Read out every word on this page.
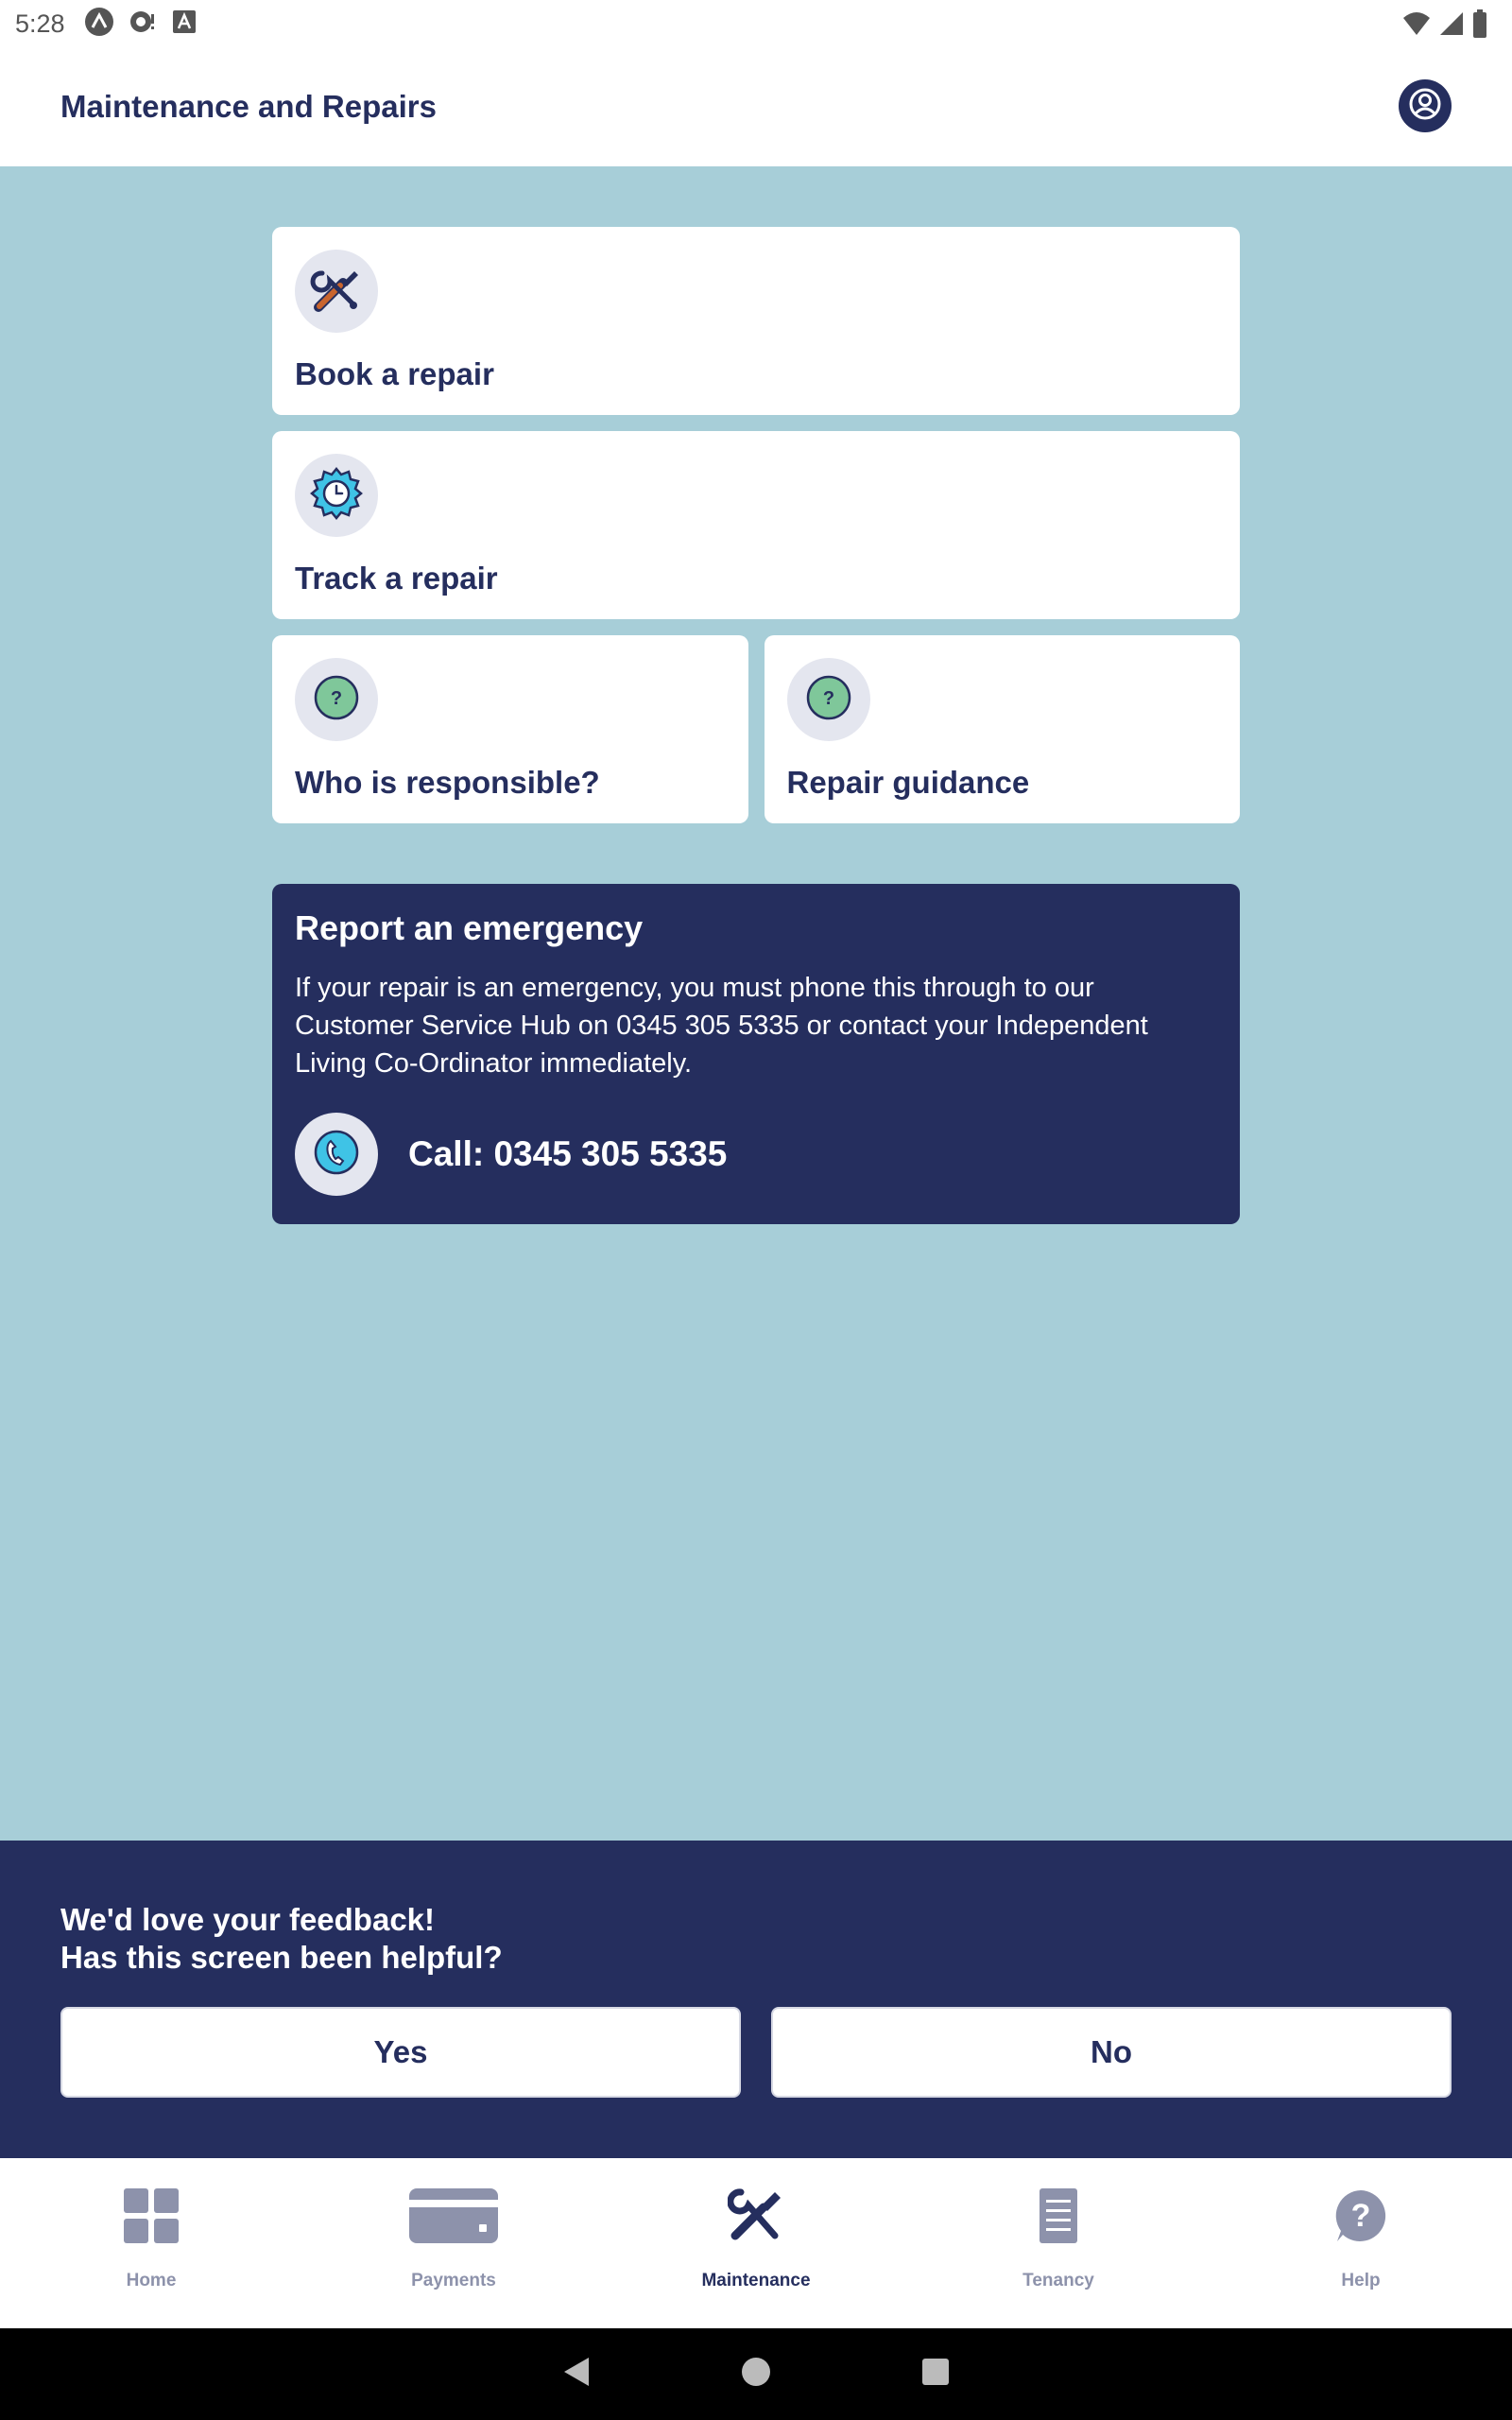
5:28
Maintenance and Repairs
Book a repair
Track a repair
?
Who is responsible?
?
Repair guidance
Report an emergency

If your repair is an emergency, you must phone this through to our Customer Service Hub on 0345 305 5335 or contact your Independent Living Co-Ordinator immediately.

Call: 0345 305 5335
We'd love your feedback!
Has this screen been helpful?
Yes	No
Home	Payments	Maintenance	Tenancy
?
Help
